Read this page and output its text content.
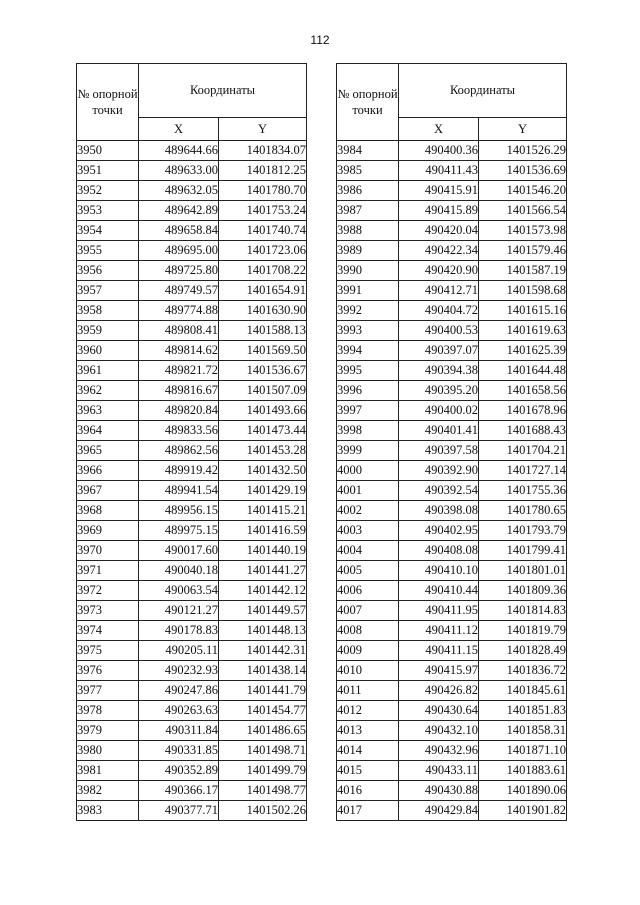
112
№ опорной точки	Координаты	
	X	Y
3950	489644.66	1401834.07
3951	489633.00	1401812.25
3952	489632.05	1401780.70
3953	489642.89	1401753.24
3954	489658.84	1401740.74
3955	489695.00	1401723.06
3956	489725.80	1401708.22
3957	489749.57	1401654.91
3958	489774.88	1401630.90
3959	489808.41	1401588.13
3960	489814.62	1401569.50
3961	489821.72	1401536.67
3962	489816.67	1401507.09
3963	489820.84	1401493.66
3964	489833.56	1401473.44
3965	489862.56	1401453.28
3966	489919.42	1401432.50
3967	489941.54	1401429.19
3968	489956.15	1401415.21
3969	489975.15	1401416.59
3970	490017.60	1401440.19
3971	490040.18	1401441.27
3972	490063.54	1401442.12
3973	490121.27	1401449.57
3974	490178.83	1401448.13
3975	490205.11	1401442.31
3976	490232.93	1401438.14
3977	490247.86	1401441.79
3978	490263.63	1401454.77
3979	490311.84	1401486.65
3980	490331.85	1401498.71
3981	490352.89	1401499.79
3982	490366.17	1401498.77
3983	490377.71	1401502.26
№ опорной точки	Координаты	
	X	Y
3984	490400.36	1401526.29
3985	490411.43	1401536.69
3986	490415.91	1401546.20
3987	490415.89	1401566.54
3988	490420.04	1401573.98
3989	490422.34	1401579.46
3990	490420.90	1401587.19
3991	490412.71	1401598.68
3992	490404.72	1401615.16
3993	490400.53	1401619.63
3994	490397.07	1401625.39
3995	490394.38	1401644.48
3996	490395.20	1401658.56
3997	490400.02	1401678.96
3998	490401.41	1401688.43
3999	490397.58	1401704.21
4000	490392.90	1401727.14
4001	490392.54	1401755.36
4002	490398.08	1401780.65
4003	490402.95	1401793.79
4004	490408.08	1401799.41
4005	490410.10	1401801.01
4006	490410.44	1401809.36
4007	490411.95	1401814.83
4008	490411.12	1401819.79
4009	490411.15	1401828.49
4010	490415.97	1401836.72
4011	490426.82	1401845.61
4012	490430.64	1401851.83
4013	490432.10	1401858.31
4014	490432.96	1401871.10
4015	490433.11	1401883.61
4016	490430.88	1401890.06
4017	490429.84	1401901.82
